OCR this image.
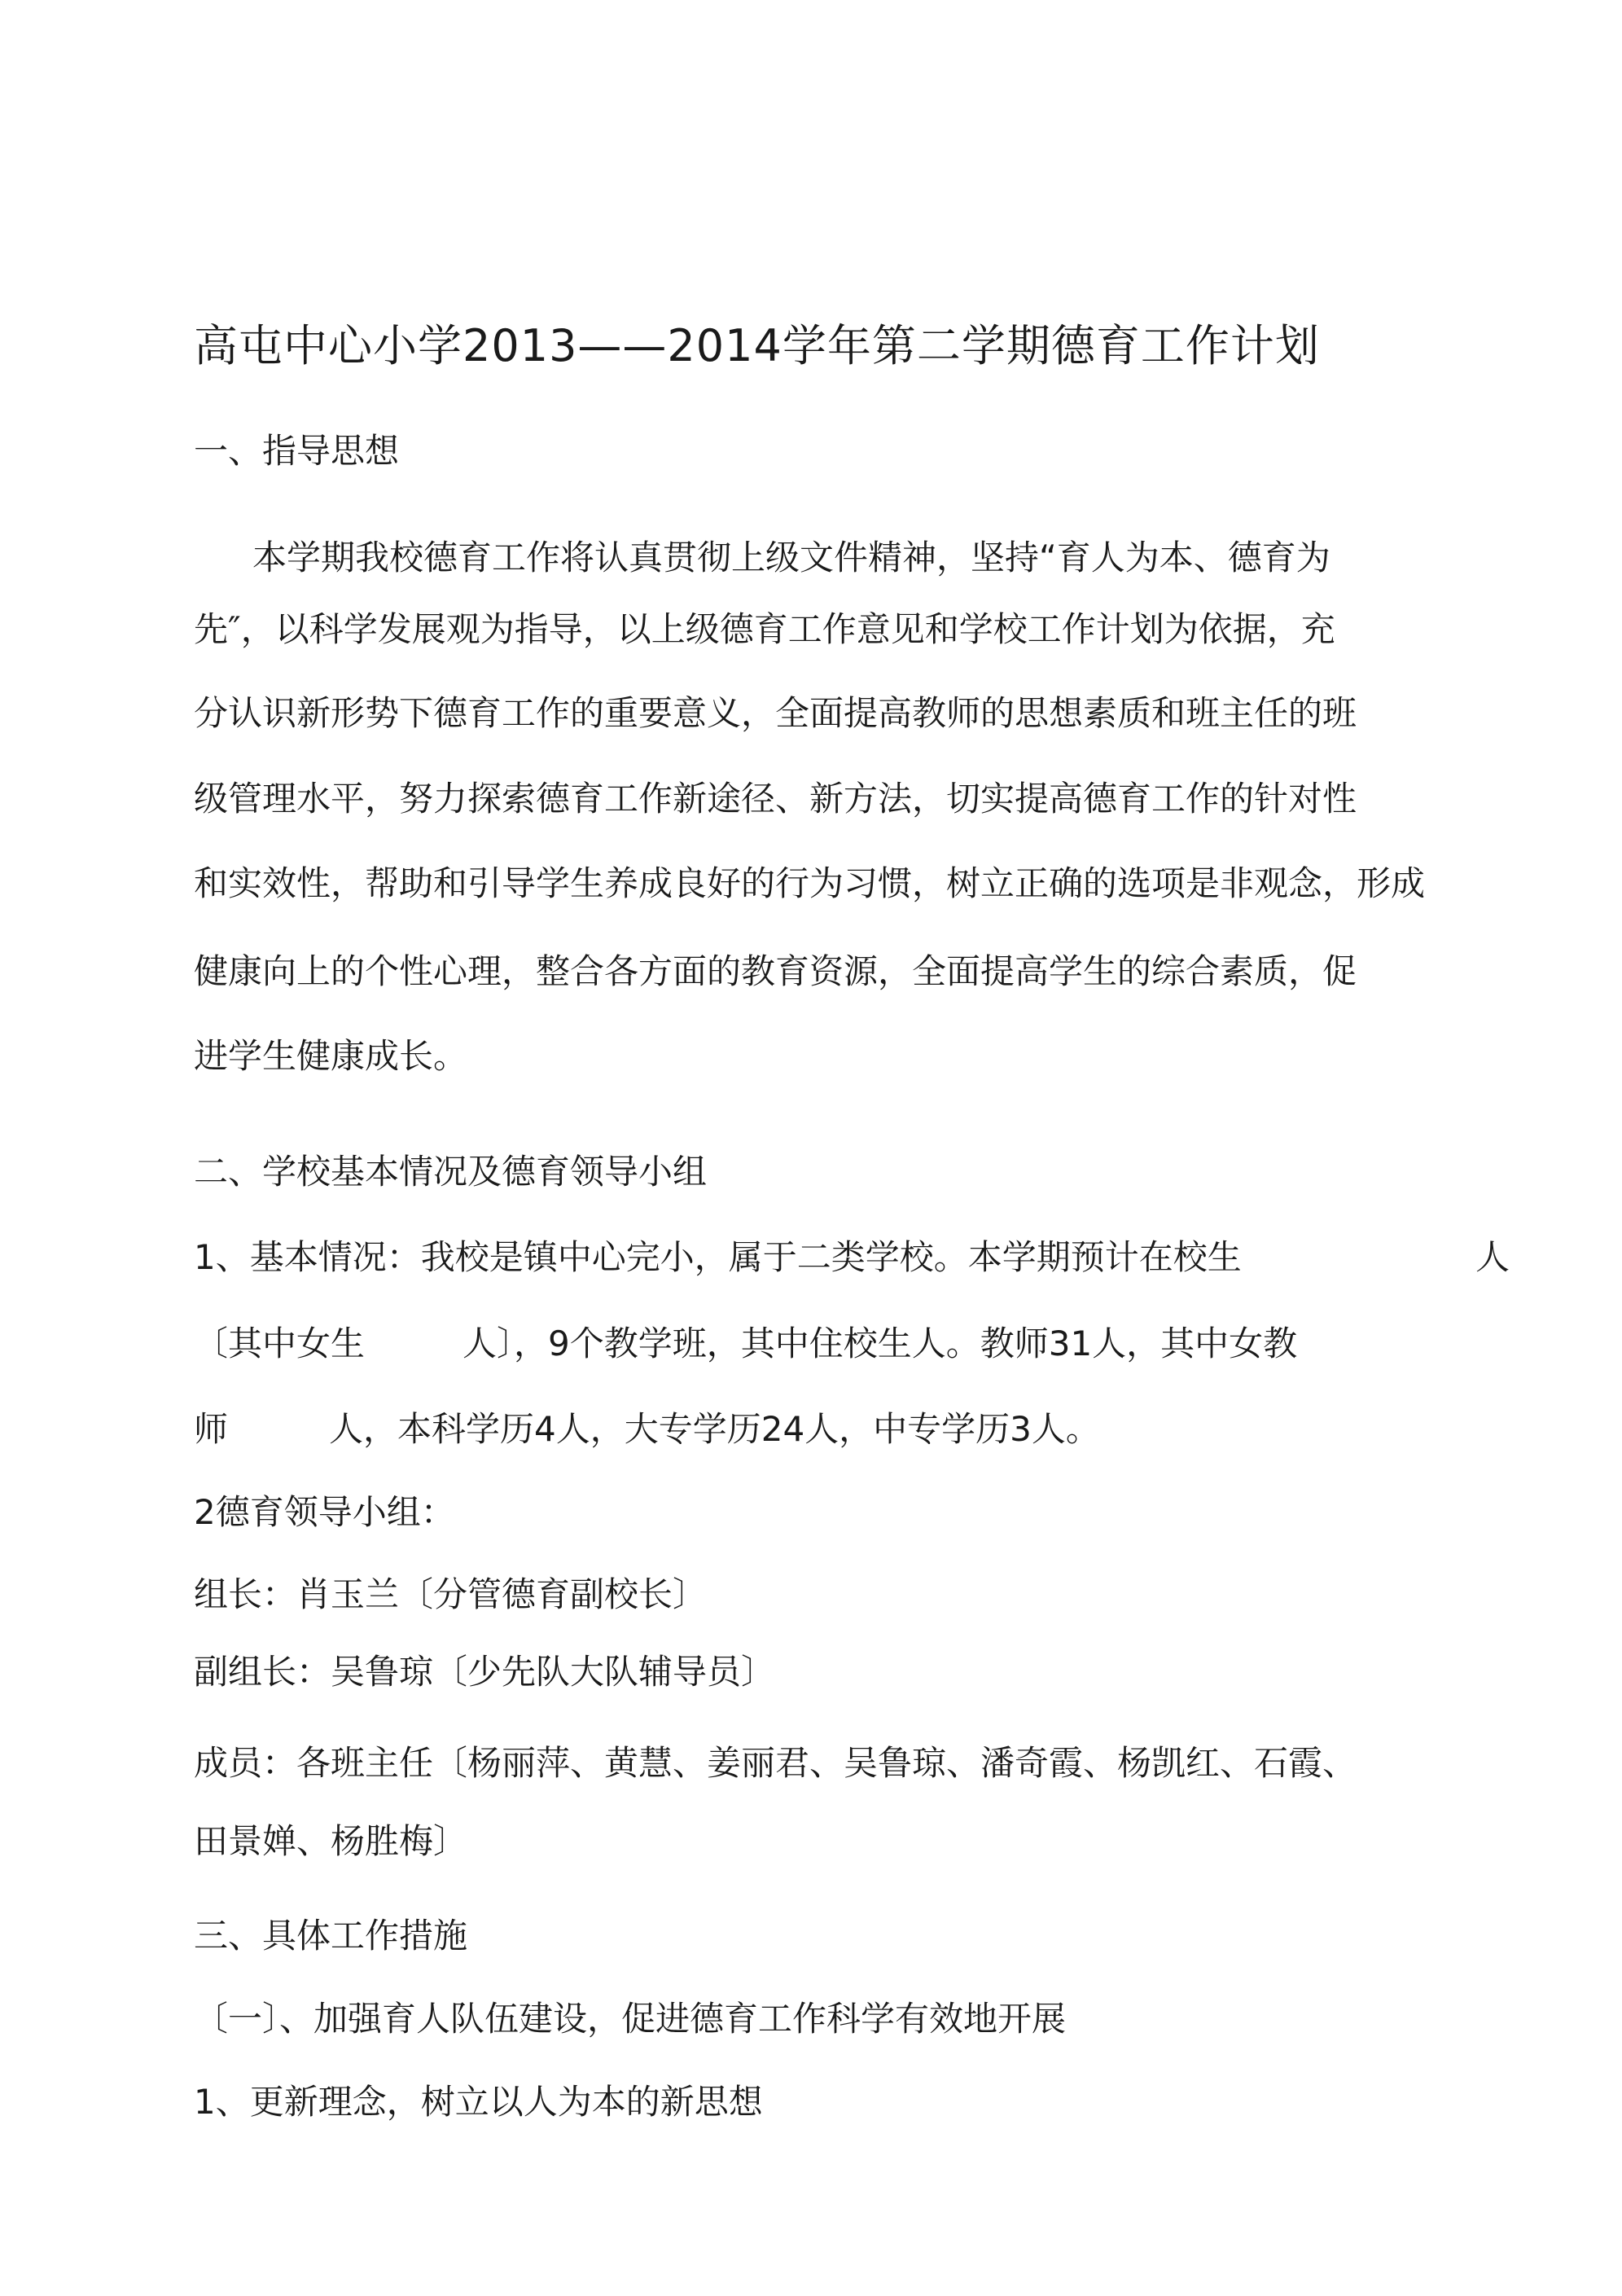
高屯中心小学2013——2014学年第二学期德育工作计划
一、指导思想
本学期我校德育工作将认真贯彻上级文件精神，坚持“育人为本、德育为
先″，以科学发展观为指导，以上级德育工作意见和学校工作计划为依据，充
分认识新形势下德育工作的重要意义，全面提高教师的思想素质和班主任的班
级管理水平，努力探索德育工作新途径、新方法，切实提高德育工作的针对性
和实效性，帮助和引导学生养成良好的行为习惯，树立正确的选项是非观念，形成
健康向上的个性心理，整合各方面的教育资源，全面提高学生的综合素质，促
进学生健康成长。
二、学校基本情况及德育领导小组
1、基本情况：我校是镇中心完小，属于二类学校。本学期预计在校生	人
〔其中女生	人〕，9个教学班，其中住校生人。教师31人，其中女教
师	人，本科学历4人，大专学历24人，中专学历3人。
2德育领导小组：
组长：肖玉兰〔分管德育副校长〕
副组长：吴鲁琼〔少先队大队辅导员〕
成员：各班主任〔杨丽萍、黄慧、姜丽君、吴鲁琼、潘奇霞、杨凯红、石霞、
田景婵、杨胜梅〕
三、具体工作措施
〔一〕、加强育人队伍建设，促进德育工作科学有效地开展
1、更新理念，树立以人为本的新思想
